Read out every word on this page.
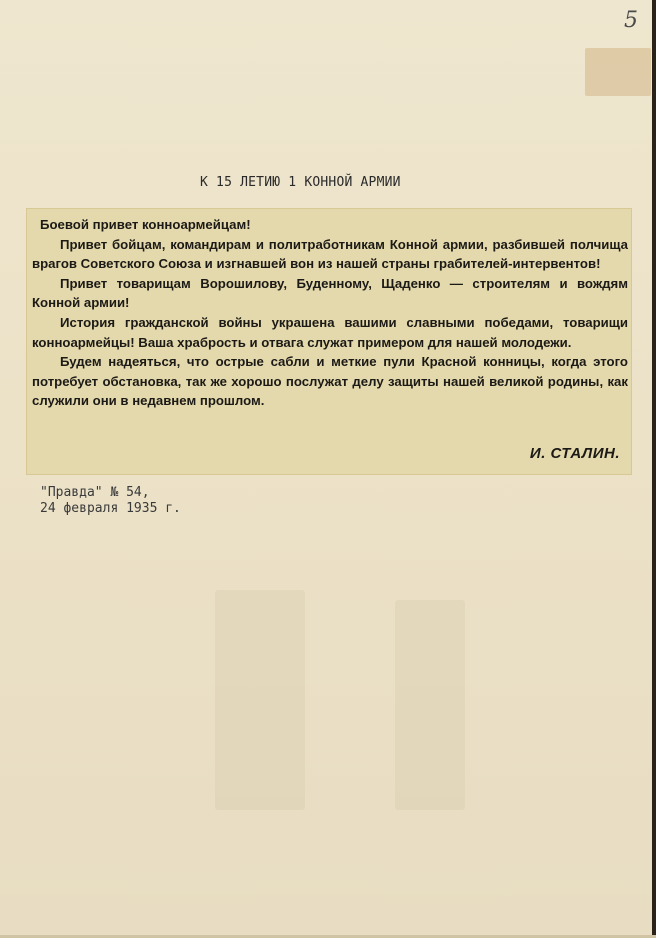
5
К 15 ЛЕТИЮ 1 КОННОЙ АРМИИ

Боевой привет конноармейцам!

Привет бойцам, командирам и политработникам Конной армии, разбившей полчища врагов Советского Союза и изгнавшей вон из нашей страны грабителей-интервентов!

Привет товарищам Ворошилову, Буденному, Щаденко — строителям и вождям Конной армии!

История гражданской войны украшена вашими славными победами, товарищи конноармейцы! Ваша храбрость и отвага служат примером для нашей молодежи.

Будем надеяться, что острые сабли и меткие пули Красной конницы, когда этого потребует обстановка, так же хорошо послужат делу защиты нашей великой родины, как служили они в недавнем прошлом.

И. СТАЛИН.
"Правда" № 54,
24 февраля 1935 г.
